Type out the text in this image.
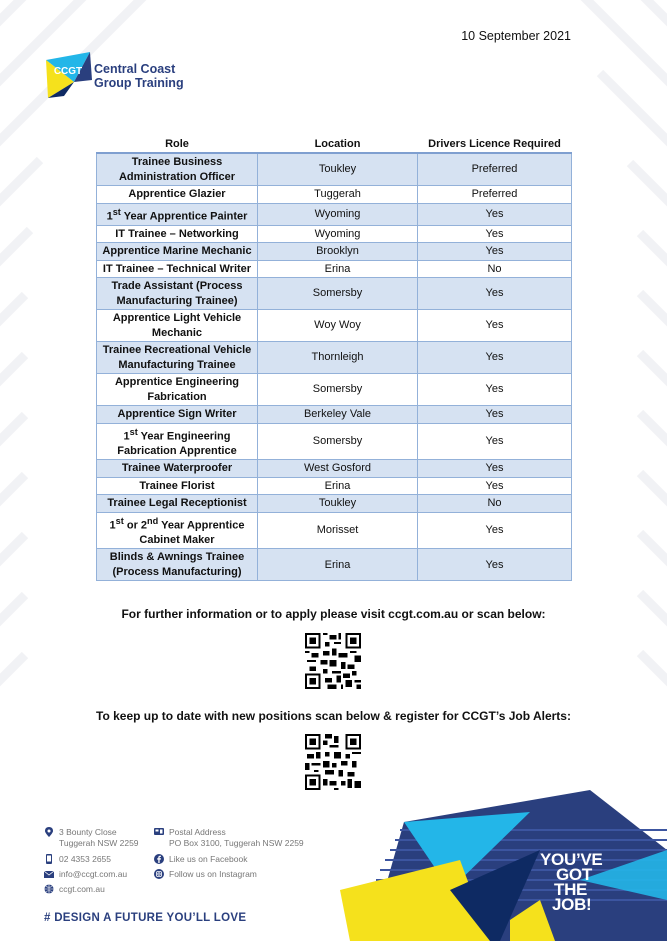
10 September 2021
CCGT Central Coast
Group Training
Role	Location	Drivers Licence Required
Trainee Business Administration Officer	Toukley	Preferred
Apprentice Glazier	Tuggerah	Preferred
1st Year Apprentice Painter	Wyoming	Yes
IT Trainee – Networking	Wyoming	Yes
Apprentice Marine Mechanic	Brooklyn	Yes
IT Trainee – Technical Writer	Erina	No
Trade Assistant (Process Manufacturing Trainee)	Somersby	Yes
Apprentice Light Vehicle Mechanic	Woy Woy	Yes
Trainee Recreational Vehicle Manufacturing Trainee	Thornleigh	Yes
Apprentice Engineering Fabrication	Somersby	Yes
Apprentice Sign Writer	Berkeley Vale	Yes
1st Year Engineering Fabrication Apprentice	Somersby	Yes
Trainee Waterproofer	West Gosford	Yes
Trainee Florist	Erina	Yes
Trainee Legal Receptionist	Toukley	No
1st or 2nd Year Apprentice Cabinet Maker	Morisset	Yes
Blinds & Awnings Trainee (Process Manufacturing)	Erina	Yes
For further information or to apply please visit ccgt.com.au or scan below:
To keep up to date with new positions scan below & register for CCGT’s Job Alerts:
YOU’VE
GOT
THE
JOB!
3 Bounty Close
Tuggerah NSW 2259
02 4353 2655
info@ccgt.com.au
ccgt.com.au
Postal Address
PO Box 3100, Tuggerah NSW 2259
Like us on Facebook
Follow us on Instagram
# DESIGN A FUTURE YOU’LL LOVE
